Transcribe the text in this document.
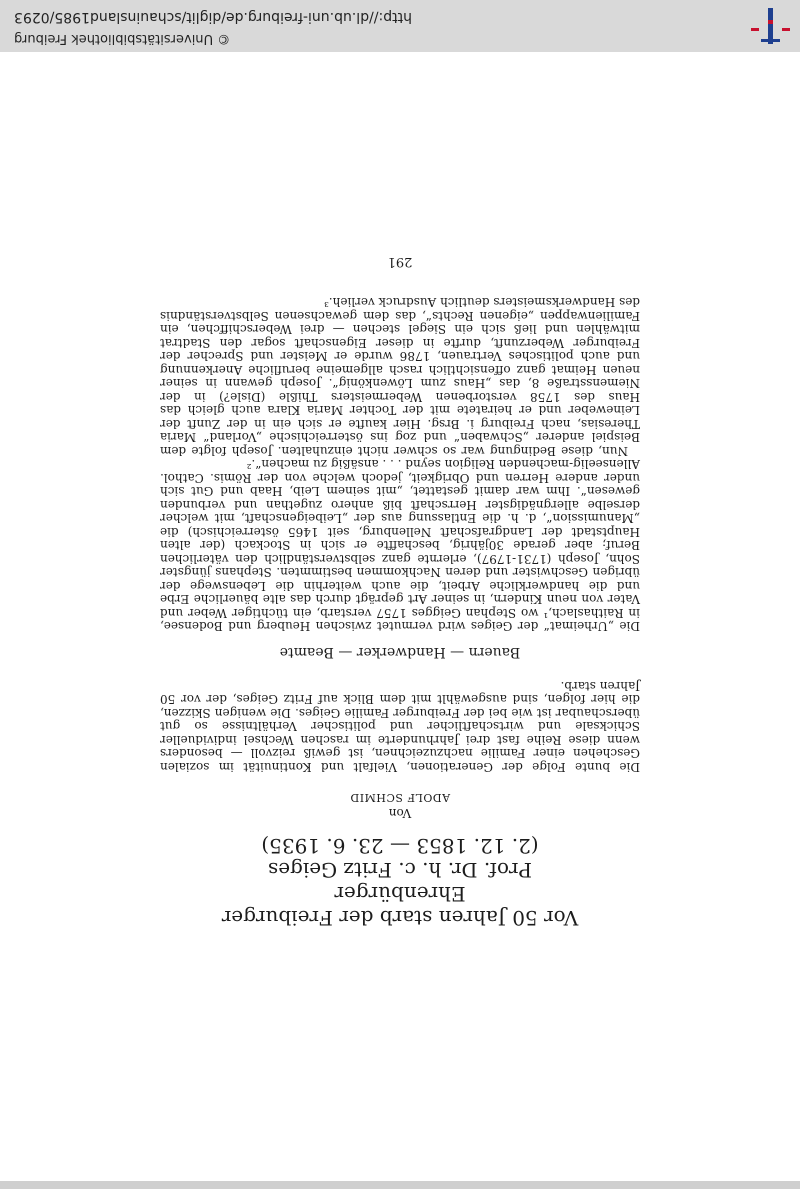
Vor 50 Jahren starb der Freiburger Ehrenbürger

Prof. Dr. h. c. Fritz Geiges

(2. 12. 1853 — 23. 6. 1935)

Von
ADOLF SCHMID

Die bunte Folge der Generationen, Vielfalt und Kontinuität im sozialen Geschehen einer Familie nachzuzeichnen, ist gewiß reizvoll — besonders wenn diese Reihe fast drei Jahrhunderte im raschen Wechsel individueller Schicksale und wirtschaftlicher und politischer Verhältnisse so gut überschaubar ist wie bei der Freiburger Familie Geiges. Die wenigen Skizzen, die hier folgen, sind ausgewählt mit dem Blick auf Fritz Geiges, der vor 50 Jahren starb.

Bauern — Handwerker — Beamte

Die „Urheimat“ der Geiges wird vermutet zwischen Heuberg und Bodensee, in Raithaslach,¹ wo Stephan Geigges 1757 verstarb, ein tüchtiger Weber und Vater von neun Kindern, in seiner Art geprägt durch das alte bäuerliche Erbe und die handwerkliche Arbeit, die auch weiterhin die Lebenswege der übrigen Geschwister und deren Nachkommen bestimmten. Stephans jüngster Sohn, Joseph (1731-1797), erlernte ganz selbstverständlich den väterlichen Beruf; aber gerade 30jährig, beschaffte er sich in Stockach (der alten Hauptstadt der Landgrafschaft Nellenburg, seit 1465 österreichisch) die „Manumission“, d. h. die Entlassung aus der „Leibeigenschaft, mit welcher derselbe allergnädigster Herrschaft biß anhero zugethan und verbunden gewesen“. Ihm war damit gestattet, „mit seinem Leib, Haab und Gut sich under andere Herren und Obrigkeit, jedoch welche von der Römis. Cathol. Allenseelig-machenden Religion seynd . . . ansäßig zu machen“.²

Nun, diese Bedingung war so schwer nicht einzuhalten. Joseph folgte dem Beispiel anderer „Schwaben“ und zog ins österreichische „Vorland“ Maria Theresias, nach Freiburg i. Brsg. Hier kaufte er sich ein in der Zunft der Leineweber und er heiratete mit der Tochter Maria Klara auch gleich das Haus des 1758 verstorbenen Webermeisters Thißle (Disle?) in der Niemensstraße 8, das „Haus zum Löwenkönig“. Joseph gewann in seiner neuen Heimat ganz offensichtlich rasch allgemeine berufliche Anerkennung und auch politisches Vertrauen, 1786 wurde er Meister und Sprecher der Freiburger Weberzunft, durfte in dieser Eigenschaft sogar den Stadtrat mitwählen und ließ sich ein Siegel stechen — drei Weberschiffchen, ein Familienwappen „eigenen Rechts“, das dem gewachsenen Selbstverständnis des Handwerksmeisters deutlich Ausdruck verlieh.³

291
© Universitätsbibliothek Freiburg
http://dl.ub.uni-freiburg.de/diglit/schauinsland1985/0293
